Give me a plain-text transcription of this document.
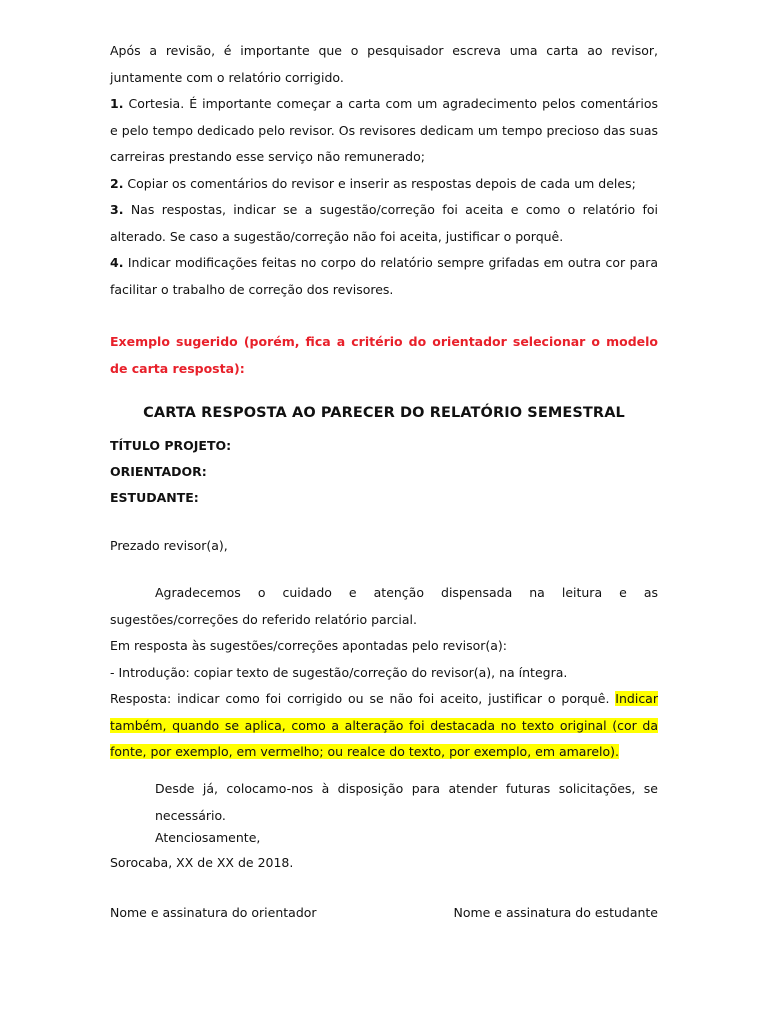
Após a revisão, é importante que o pesquisador escreva uma carta ao revisor, juntamente com o relatório corrigido.

1. Cortesia. É importante começar a carta com um agradecimento pelos comentários e pelo tempo dedicado pelo revisor. Os revisores dedicam um tempo precioso das suas carreiras prestando esse serviço não remunerado;

2. Copiar os comentários do revisor e inserir as respostas depois de cada um deles;

3. Nas respostas, indicar se a sugestão/correção foi aceita e como o relatório foi alterado. Se caso a sugestão/correção não foi aceita, justificar o porquê.

4. Indicar modificações feitas no corpo do relatório sempre grifadas em outra cor para facilitar o trabalho de correção dos revisores.

Exemplo sugerido (porém, fica a critério do orientador selecionar o modelo de carta resposta):

CARTA RESPOSTA AO PARECER DO RELATÓRIO SEMESTRAL

TÍTULO PROJETO:

ORIENTADOR:

ESTUDANTE:

Prezado revisor(a),

Agradecemos o cuidado e atenção dispensada na leitura e as sugestões/correções do referido relatório parcial.

Em resposta às sugestões/correções apontadas pelo revisor(a):

- Introdução: copiar texto de sugestão/correção do revisor(a), na íntegra.

Resposta: indicar como foi corrigido ou se não foi aceito, justificar o porquê. Indicar também, quando se aplica, como a alteração foi destacada no texto original (cor da fonte, por exemplo, em vermelho; ou realce do texto, por exemplo, em amarelo).

Desde já, colocamo-nos à disposição para atender futuras solicitações, se necessário.

Atenciosamente,

Sorocaba, XX de XX de 2018.

Nome e assinatura do orientador	Nome e assinatura do estudante
